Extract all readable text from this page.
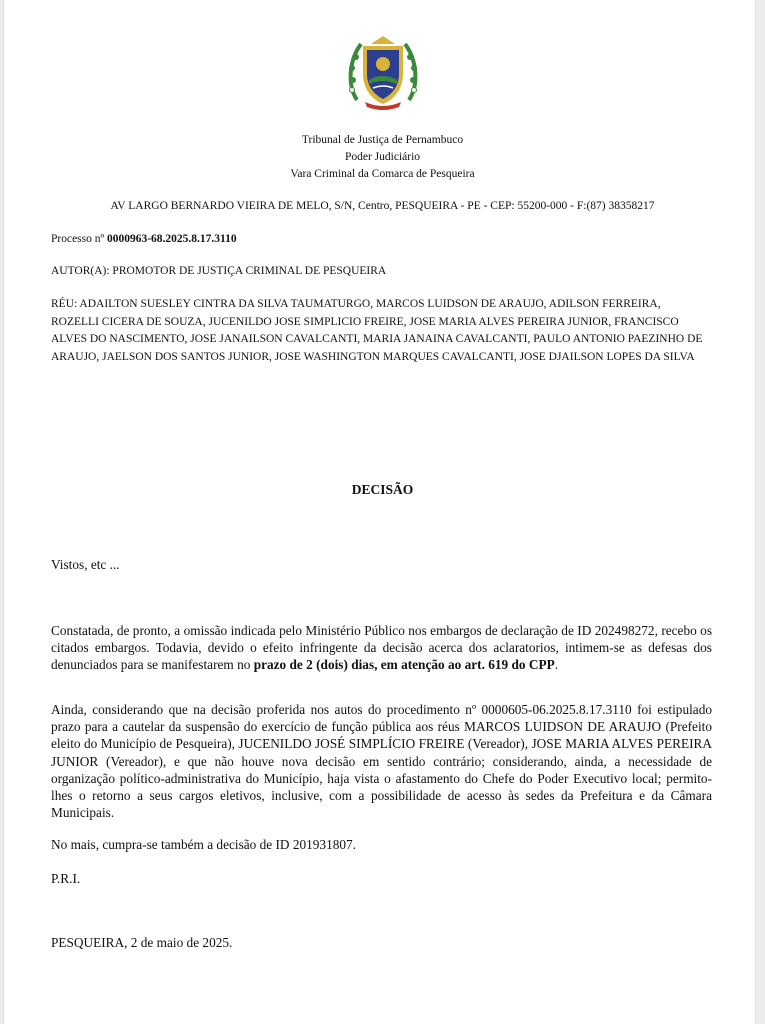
Tribunal de Justiça de Pernambuco
Poder Judiciário
Vara Criminal da Comarca de Pesqueira
AV LARGO BERNARDO VIEIRA DE MELO, S/N, Centro, PESQUEIRA - PE - CEP: 55200-000 - F:(87) 38358217
Processo nº 0000963-68.2025.8.17.3110
AUTOR(A): PROMOTOR DE JUSTIÇA CRIMINAL DE PESQUEIRA
RÉU: ADAILTON SUESLEY CINTRA DA SILVA TAUMATURGO, MARCOS LUIDSON DE ARAUJO, ADILSON FERREIRA, ROZELLI CICERA DE SOUZA, JUCENILDO JOSE SIMPLICIO FREIRE, JOSE MARIA ALVES PEREIRA JUNIOR, FRANCISCO ALVES DO NASCIMENTO, JOSE JANAILSON CAVALCANTI, MARIA JANAINA CAVALCANTI, PAULO ANTONIO PAEZINHO DE ARAUJO, JAELSON DOS SANTOS JUNIOR, JOSE WASHINGTON MARQUES CAVALCANTI, JOSE DJAILSON LOPES DA SILVA
DECISÃO
Vistos, etc ...
Constatada, de pronto, a omissão indicada pelo Ministério Público nos embargos de declaração de ID 202498272, recebo os citados embargos. Todavia, devido o efeito infringente da decisão acerca dos aclaratorios, intimem-se as defesas dos denunciados para se manifestarem no prazo de 2 (dois) dias, em atenção ao art. 619 do CPP.
Ainda, considerando que na decisão proferida nos autos do procedimento nº 0000605-06.2025.8.17.3110 foi estipulado prazo para a cautelar da suspensão do exercício de função pública aos réus MARCOS LUIDSON DE ARAUJO (Prefeito eleito do Município de Pesqueira), JUCENILDO JOSÉ SIMPLÍCIO FREIRE (Vereador), JOSE MARIA ALVES PEREIRA JUNIOR (Vereador), e que não houve nova decisão em sentido contrário; considerando, ainda, a necessidade de organização político-administrativa do Município, haja vista o afastamento do Chefe do Poder Executivo local; permito-lhes o retorno a seus cargos eletivos, inclusive, com a possibilidade de acesso às sedes da Prefeitura e da Câmara Municipais.
No mais, cumpra-se também a decisão de ID 201931807.
P.R.I.
PESQUEIRA, 2 de maio de 2025.
